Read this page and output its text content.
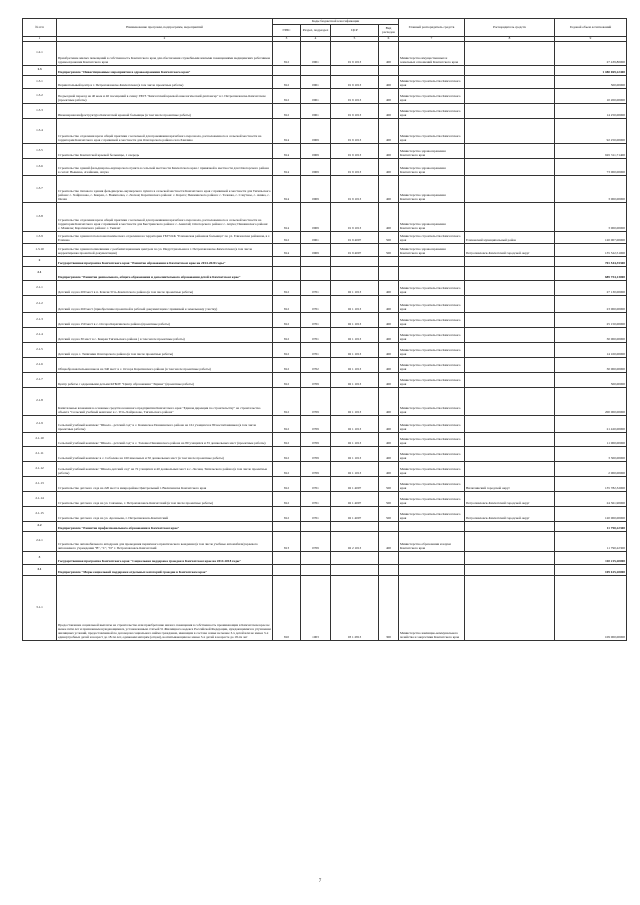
№ п/п	Наименование программ, подпрограмм, мероприятий	Коды бюджетной классификации				Главный распорядитель средств	Распорядитель средств	Годовой объем ассигнований
		ГРБС	Раздел, подраздел	ЦСР	Вид расходов			
1	2	3	4	5	6	7	8	9
1.2.1	Приобретение жилых помещений в собственность Камчатского края для обеспечения служебными жилыми помещениями медицинских работников здравоохранения Камчатского края	812	0901	01 9 1013	400	Министерство имущественных и земельных отношений Камчатского края		27 439,80000
1.3	Подпрограмма "Инвестиционные мероприятия в здравоохранении Камчатского края"							1 480 069,22400
1.3.1	Перинатальный центр в г. Петропавловске-Камчатском (в том числе проектные работы)	812	0901	01 9 1013	400	Министерство строительства Камчатского края		500,00000
1.3.2	Подъездной переезд на 40 коек и 40 посещений в смену ГБУЗ "Камчатский краевой онкологический диспансер" в г. Петропавловске-Камчатском (проектные работы)	812	0901	01 9 1013	400	Министерство строительства Камчатского края		10 200,00000
1.3.3	Инженерная инфраструктура Камчатской краевой больницы (в том числе проектные работы)	812	0901	01 9 1013	400	Министерство строительства Камчатского края		14 250,00000
1.3.4	Строительство отделения врача общей практики с котельной для проживания врачебного персонала, расположенного в сельской местности на территории Камчатского края с привязкой к местности для Олюторского района села Хаилино	814	0909	01 9 1013	400	Министерство строительства Камчатского края		92 250,00000
1.3.5	Строительство Камчатской краевой больницы, 1 очередь	814	0909	01 9 1013	400	Министерство здравоохранения Камчатского края		945 311,71400
1.3.6	Строительство зданий фельдшерско-акушерского пункта в сельской местности Камчатского края с привязкой к местности для Олюторского района в селах: Вывенка, Ачайваям, Апука	814	0909	01 9 1013	400	Министерство здравоохранения Камчатского края		73 000,00000
1.3.7	Строительство типового здания фельдшерско-акушерского пункта в сельской местности Камчатского края с привязкой к местности для Тигильского района: с. Хайрюзово, с. Ковран, с. Воямполка, с. Лесная; Карагинского района: с. Карага; Пенжинского района: с. Таловка, с. Слаутное, с. Аянка, с. Оклан	814	0909	01 9 1013	400	Министерство здравоохранения Камчатского края		3 000,00000
1.3.8	Строительство отделения врача общей практики с котельной для проживания врачебного персонала, расположенного в сельской местности на территории Камчатского края с привязкой к местности для Быстринского района: с. Анавгай; Олюторского района: с. Апука; Пенжинского района: с. Манилы; Карагинского района: с. Тымлат	814	0909	01 9 1013	400	Министерство здравоохранения Камчатского края		3 000,00000
1.3.9	Строительство здания патологоанатомического отделения на территории ГБУЗ КК "Елизовская районная больница" по ул. Елизовская районная, в г. Елизово	812	0901	01 9 4007	500	Министерство строительства Камчатского края	Елизовский муниципальный район	120 007,00000
1.3.10	Строительство здания поликлиники с реабилитационным центром по ул. Индустриальная в г. Петропавловске-Камчатском (в том числе корректировка проектной документации)	814	0909	01 9 4007	500	Министерство здравоохранения Камчатского края	Петропавловск-Камчатский городской округ	135 522,51000
2	Государственная программа Камчатского края "Развитие образования в Камчатском крае на 2014-2020 годы"							701 544,35300
2.1	Подпрограмма "Развитие дошкольного, общего образования и дополнительного образования детей в Камчатском крае"							689 754,13000
2.1.1	Детский сад на 200 мест в п. Ключи Усть-Камчатского района (в том числе проектные работы)	812	0701	02 1 1013	400	Министерство строительства Камчатского края		27 130,00000
2.1.2	Детский сад на 260 мест (приобретение проектной и рабочей документации с привязкой к земельному участку)	812	0701	02 1 1013	400	Министерство строительства Камчатского края		23 000,00000
2.1.3	Детский сад на 150 мест в с. Оссора Карагинского района (проектные работы)	812	0701	02 1 1013	400	Министерство строительства Камчатского края		25 150,00000
2.1.4	Детский сад на 30 мест в с. Ковран Тигильского района ( в том числе проектные работы)	812	0701	02 1 1013	400	Министерство строительства Камчатского края		30 000,00000
2.1.5	Детский сад в с. Тиличики Олюторского района (в том числе проектные работы)	812	0701	02 1 1013	400	Министерство строительства Камчатского края		14 100,00000
2.1.6	Общеобразовательная школа на 340 мест в с. Оссора Карагинского района (в том числе проектные работы)	812	0702	02 1 1013	400	Министерство строительства Камчатского края		30 000,00000
2.1.7	Центр работы с одаренными детьми КГБОУ "Центр образования "Эврика" (проектные работы)	812	0709	02 1 1013	400	Министерство строительства Камчатского края		500,00000
2.1.8	Капитальные вложения в основные средства казенного предприятия Камчатского края "Единая дирекция по строительству" на строительство объекта "Сельский учебный комплекс в с. Усть-Хайрюзово, Тигильского района"	812	0709	02 1 1013	400	Министерство строительства Камчатского края		200 000,00000
2.1.9	Сельский учебный комплекс "Школа - детский сад" в с. Каменское Пенжинского района на 161 учащихся и 80 воспитанников (в том числе проектные работы)	812	0709	02 1 1013	400	Министерство строительства Камчатского края		21 420,00000
2.1.10	Сельский учебный комплекс "Школа - детский сад" в с. Таловка Пенжинского района на 80 учащихся и 35 дошкольных мест (проектные работы)	812	0709	02 1 1013	400	Министерство строительства Камчатского края		11 000,00000
2.1.11	Сельский учебный комплекс в с. Соболево на 160 школьных и 50 дошкольных мест (в том числе проектные работы)	812	0709	02 1 1013	400	Министерство строительства Камчатского края		3 300,00000
2.1.12	Сельский учебный комплекс "Школа-детский сад" на 72 учащихся и 40 дошкольных мест в с. Лесная, Тигильского района (в том числе проектные работы)	812	0709	02 1 1013	400	Министерство строительства Камчатского края		2 000,00000
2.1.13	Строительство детского сада на 220 мест в микрорайоне Центральный г. Вилючинска Камчатского края	812	0701	02 1 4007	500	Министерство строительства Камчатского края	Вилючинский городской округ	135 782,32000
2.1.14	Строительство детского сада на ул. Савченко, г. Петропавловск-Камчатский (в том числе проектные работы)	812	0701	02 1 4007	500	Министерство строительства Камчатского края	Петропавловск-Камчатский городской округ	24 361,90000
2.1.15	Строительство детского сада на ул. Арсеньева, г. Петропавловск-Камчатский	812	0701	02 1 4007	500	Министерство строительства Камчатского края	Петропавловск-Камчатский городской округ	120 000,00000
2.2	Подпрограмма "Развитие профессионального образования в Камчатском крае"							11 790,22300
2.2.1	Строительство автомобильного автодрома для проведения первичного практического вождения (в том числе учебные автомобили) краевого автономного учреждения "В", "С", "D" г. Петропавловск-Камчатский	813	0709	02 2 1013	400	Министерство образования и науки Камчатского края		11 790,22300
3	Государственная программа Камчатского края "Социальная поддержка граждан в Камчатском крае на 2014-2018 годы"							110 215,20000
3.1	Подпрограмма "Меры социальной поддержки отдельных категорий граждан в Камчатском крае"							109 615,20000
3.1.1	Предоставление социальной выплаты на строительство или приобретение жилого помещения в собственность проживающим в Камчатском крае не менее пяти лет и признанным нуждающимися, установленным статьей 51 Жилищного кодекса Российской Федерации, нуждающимися в улучшении жилищных условий, предоставляемой по договорам социального найма гражданам, имеющим в составе семьи не менее 3-х детей или не менее 3-х единоутробных детей и возраст до 18-ти лет, одиноким матерям (отцам), воспитывающим не менее 3-х детей в возрасте до 18-ти лет	810	1003	03 1 2813	300	Министерство жилищно-коммунального хозяйства и энергетики Камчатского края		109 000,00000
7
